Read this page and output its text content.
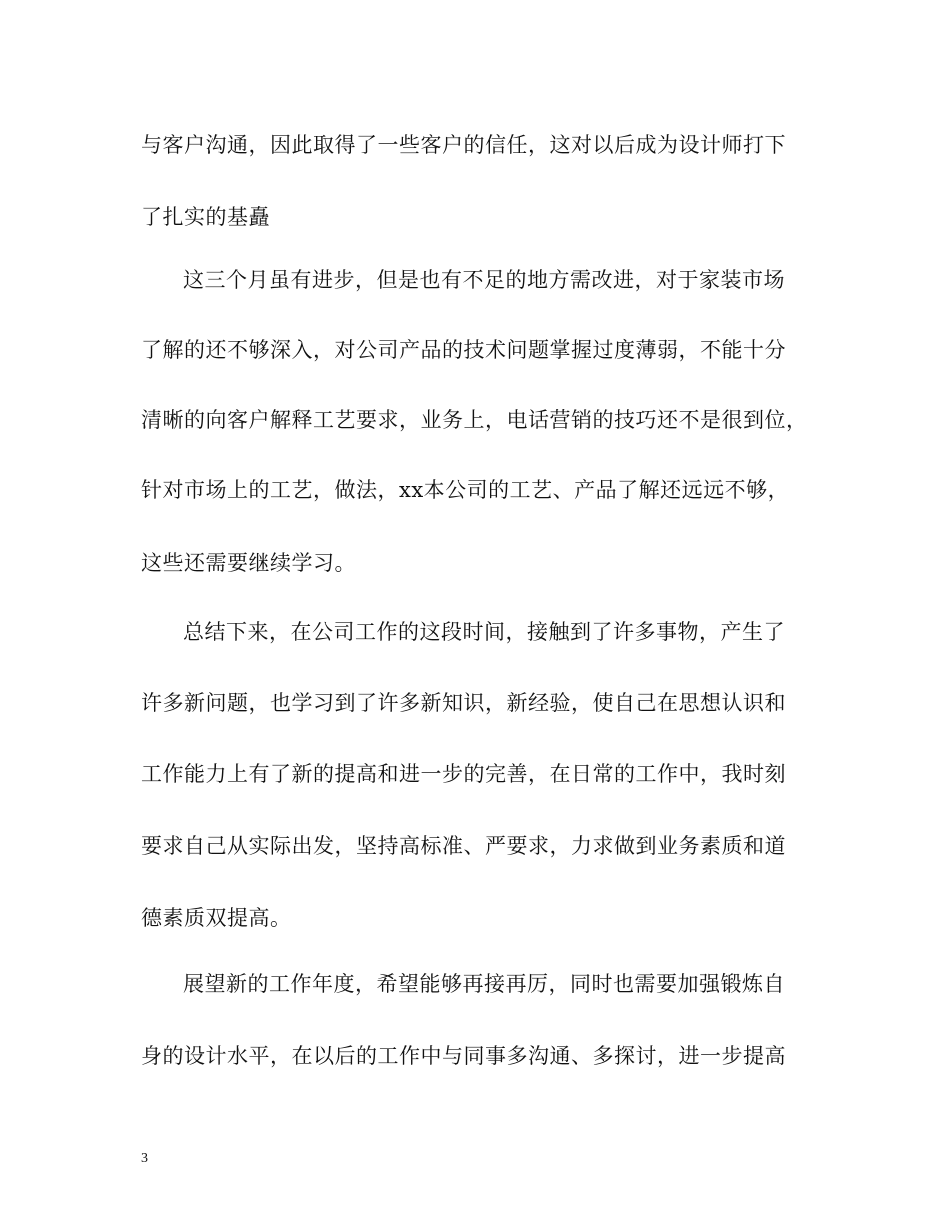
与客户沟通，因此取得了一些客户的信任，这对以后成为设计师打下
了扎实的基矗
这三个月虽有进步，但是也有不足的地方需改进，对于家装市场
了解的还不够深入，对公司产品的技术问题掌握过度薄弱，不能十分
清晰的向客户解释工艺要求，业务上，电话营销的技巧还不是很到位，
针对市场上的工艺，做法，xx本公司的工艺、产品了解还远远不够，
这些还需要继续学习。
总结下来，在公司工作的这段时间，接触到了许多事物，产生了
许多新问题，也学习到了许多新知识，新经验，使自己在思想认识和
工作能力上有了新的提高和进一步的完善，在日常的工作中，我时刻
要求自己从实际出发，坚持高标准、严要求，力求做到业务素质和道
德素质双提高。
展望新的工作年度，希望能够再接再厉，同时也需要加强锻炼自
身的设计水平，在以后的工作中与同事多沟通、多探讨，进一步提高
3
